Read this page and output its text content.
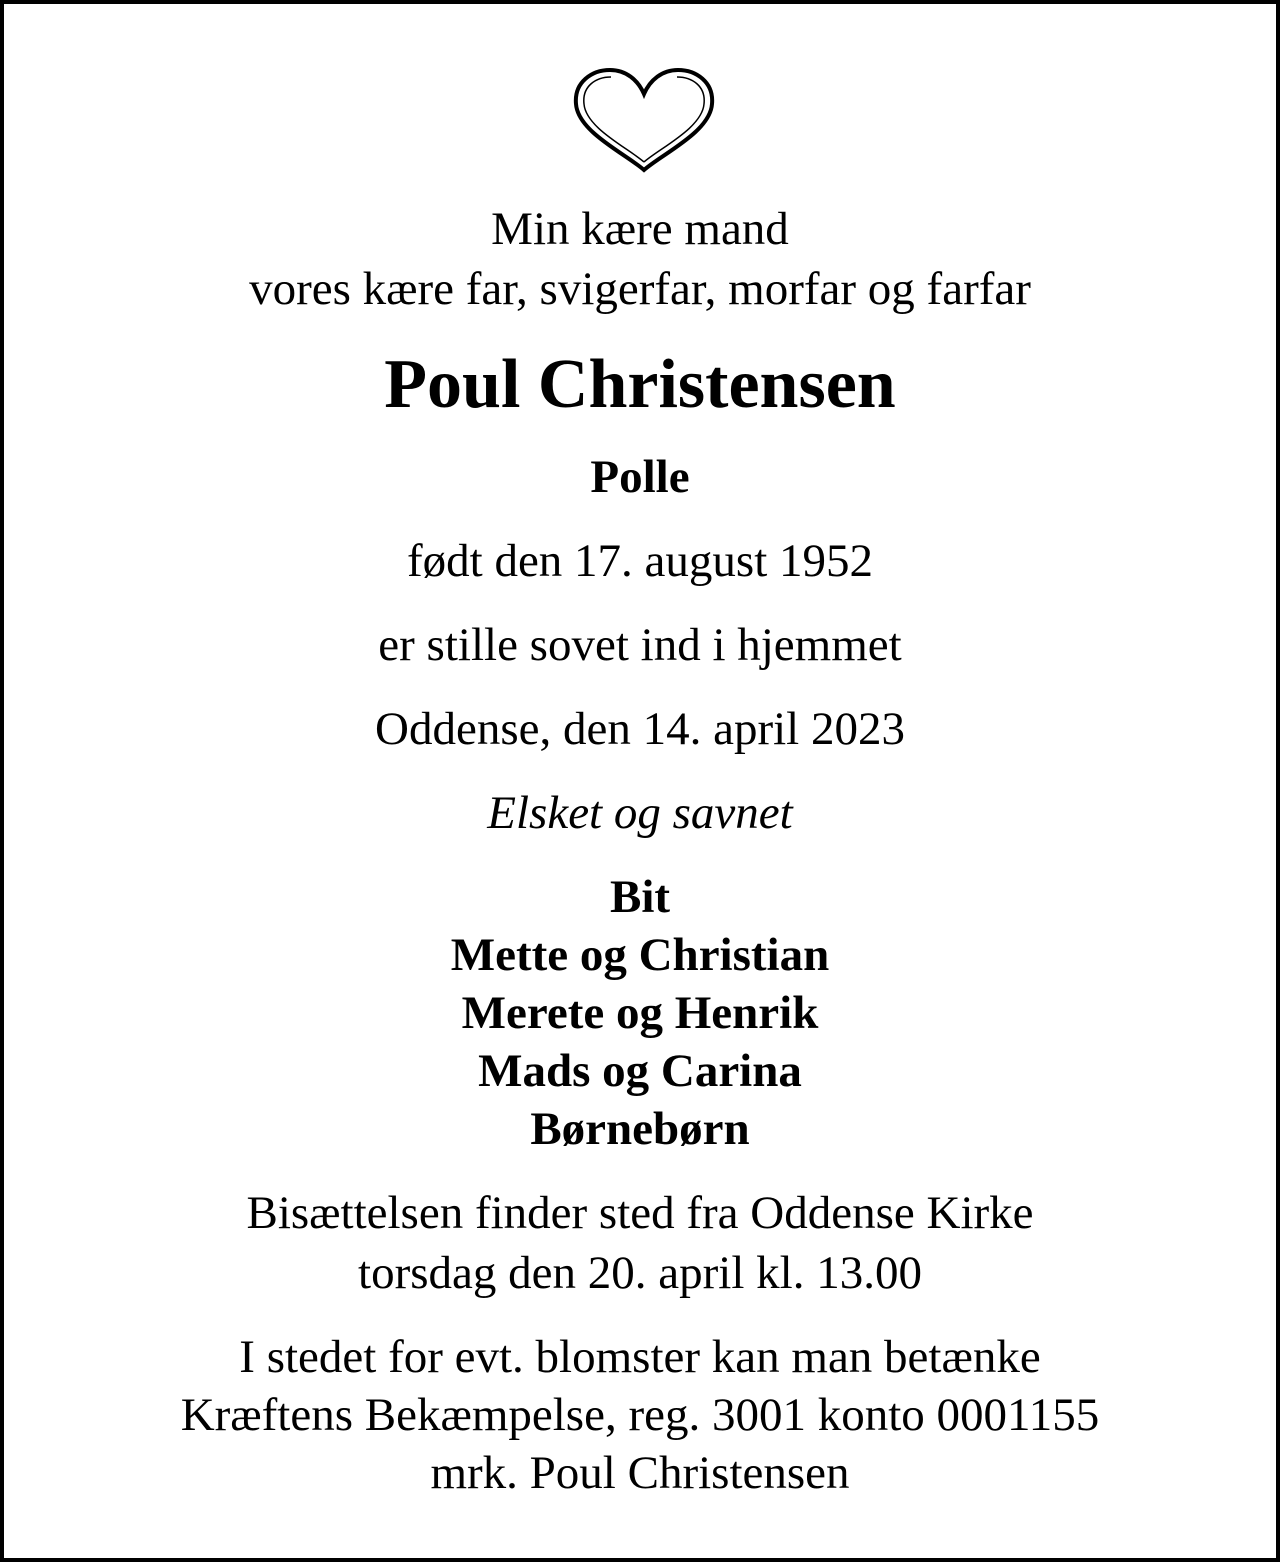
Min kære mand
vores kære far, svigerfar, morfar og farfar
Poul Christensen
Polle
født den 17. august 1952
er stille sovet ind i hjemmet
Oddense, den 14. april 2023
Elsket og savnet
Bit
Mette og Christian
Merete og Henrik
Mads og Carina
Børnebørn
Bisættelsen finder sted fra Oddense Kirke
torsdag den 20. april kl. 13.00
I stedet for evt. blomster kan man betænke
Kræftens Bekæmpelse, reg. 3001 konto 0001155
mrk. Poul Christensen
